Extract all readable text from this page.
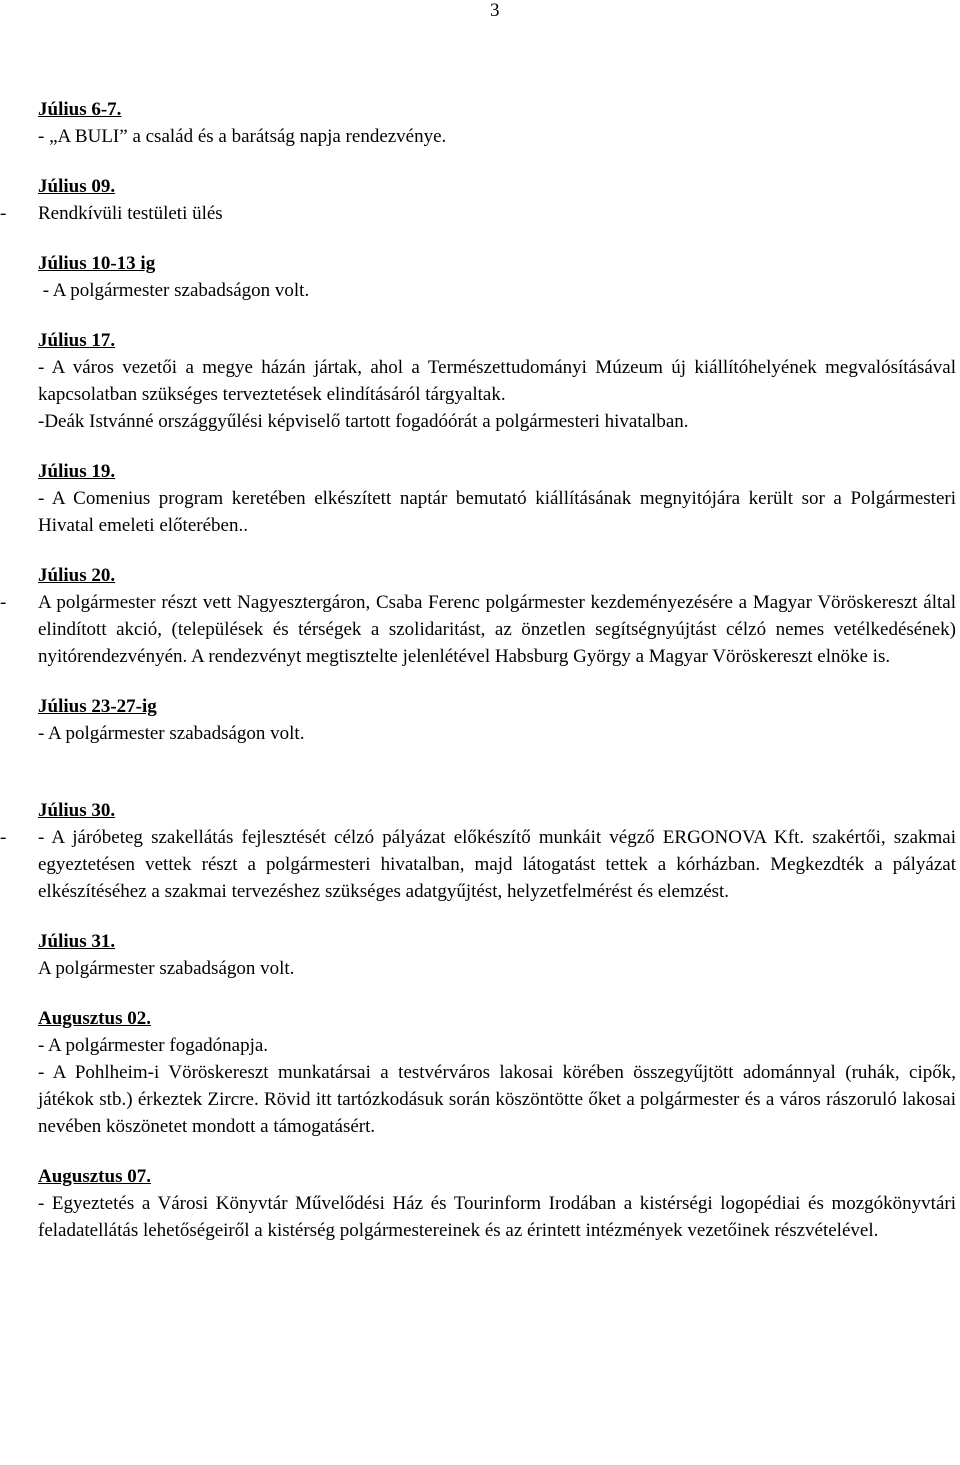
3
Július 6-7.

- „A BULI” a család és a barátság napja rendezvénye.

Július 09.

- Rendkívüli testületi ülés

Július 10-13 ig

- A polgármester szabadságon volt.

Július 17.

- A város vezetői a megye házán jártak, ahol a Természettudományi Múzeum új kiállítóhelyének megvalósításával kapcsolatban szükséges terveztetések elindításáról tárgyaltak.

-Deák Istvánné országgyűlési képviselő tartott fogadóórát a polgármesteri hivatalban.

Július 19.

- A Comenius program keretében elkészített naptár bemutató kiállításának megnyitójára került sor a Polgármesteri Hivatal emeleti előterében..

Július 20.

- A polgármester részt vett Nagyesztergáron, Csaba Ferenc polgármester kezdeményezésére a Magyar Vöröskereszt által elindított akció, (települések és térségek a szolidaritást, az önzetlen segítségnyújtást célzó nemes vetélkedésének) nyitórendezvényén. A rendezvényt megtisztelte jelenlétével Habsburg György a Magyar Vöröskereszt elnöke is.

Július 23-27-ig

- A polgármester szabadságon volt.

Július 30.

- - A járóbeteg szakellátás fejlesztését célzó pályázat előkészítő munkáit végző ERGONOVA Kft. szakértői, szakmai egyeztetésen vettek részt a polgármesteri hivatalban, majd látogatást tettek a kórházban. Megkezdték a pályázat elkészítéséhez a szakmai tervezéshez szükséges adatgyűjtést, helyzetfelmérést és elemzést.

Július 31.

A polgármester szabadságon volt.

Augusztus 02.

- A polgármester fogadónapja.

- A Pohlheim-i Vöröskereszt munkatársai a testvérváros lakosai körében összegyűjtött adománnyal (ruhák, cipők, játékok stb.) érkeztek Zircre. Rövid itt tartózkodásuk során köszöntötte őket a polgármester és a város rászoruló lakosai nevében köszönetet mondott a támogatásért.

Augusztus 07.

- Egyeztetés a Városi Könyvtár Művelődési Ház és Tourinform Irodában a kistérségi logopédiai és mozgókönyvtári feladatellátás lehetőségeiről a kistérség polgármestereinek és az érintett intézmények vezetőinek részvételével.
